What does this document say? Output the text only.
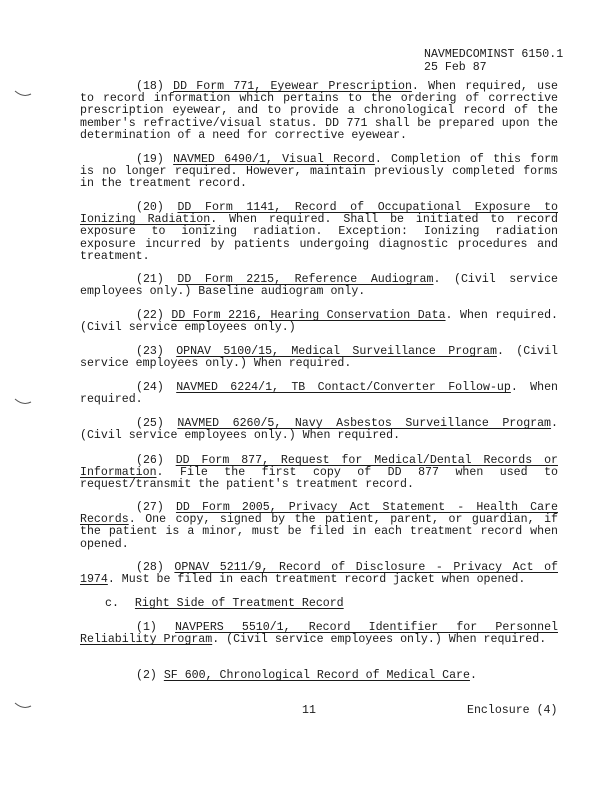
NAVMEDCOMINST 6150.1
25 Feb 87
(18) DD Form 771, Eyewear Prescription. When required, use to record information which pertains to the ordering of corrective prescription eyewear, and to provide a chronological record of the member's refractive/visual status. DD 771 shall be prepared upon the determination of a need for corrective eyewear.
(19) NAVMED 6490/1, Visual Record. Completion of this form is no longer required. However, maintain previously completed forms in the treatment record.
(20) DD Form 1141, Record of Occupational Exposure to Ionizing Radiation. When required. Shall be initiated to record exposure to ionizing radiation. Exception: Ionizing radiation exposure incurred by patients undergoing diagnostic procedures and treatment.
(21) DD Form 2215, Reference Audiogram. (Civil service employees only.) Baseline audiogram only.
(22) DD Form 2216, Hearing Conservation Data. When required. (Civil service employees only.)
(23) OPNAV 5100/15, Medical Surveillance Program. (Civil service employees only.) When required.
(24) NAVMED 6224/1, TB Contact/Converter Follow-up. When required.
(25) NAVMED 6260/5, Navy Asbestos Surveillance Program. (Civil service employees only.) When required.
(26) DD Form 877, Request for Medical/Dental Records or Information. File the first copy of DD 877 when used to request/transmit the patient's treatment record.
(27) DD Form 2005, Privacy Act Statement - Health Care Records. One copy, signed by the patient, parent, or guardian, if the patient is a minor, must be filed in each treatment record when opened.
(28) OPNAV 5211/9, Record of Disclosure - Privacy Act of 1974. Must be filed in each treatment record jacket when opened.
c. Right Side of Treatment Record
(1) NAVPERS 5510/1, Record Identifier for Personnel Reliability Program. (Civil service employees only.) When required.
(2) SF 600, Chronological Record of Medical Care.
11	Enclosure (4)
